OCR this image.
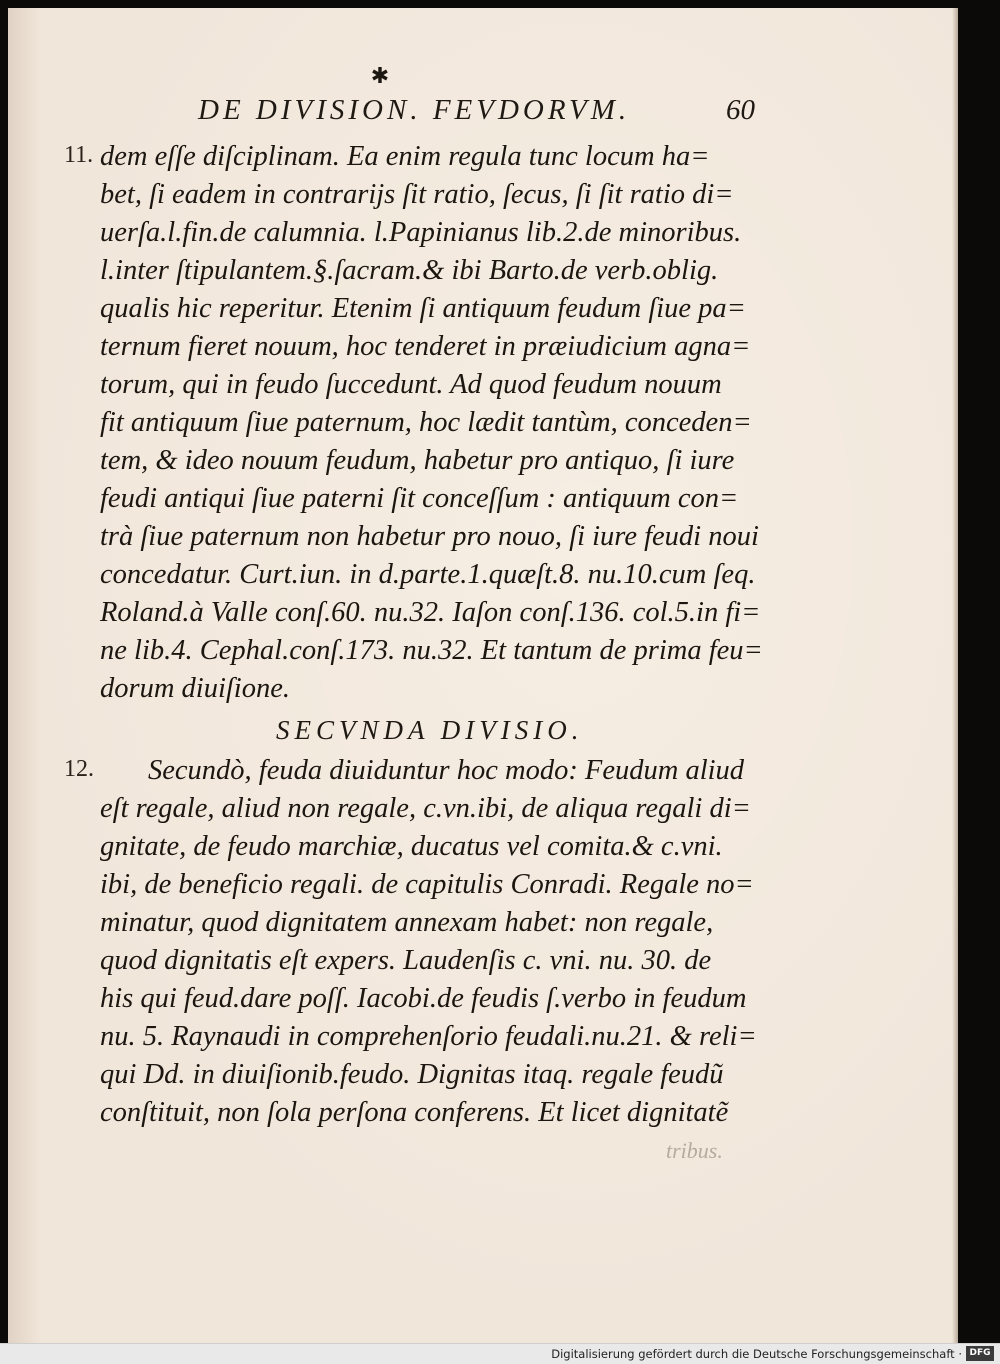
✱
DE DIVISION. FEVDORVM.	60
11.
12.
dem eſſe diſciplinam. Ea enim regula tunc locum ha=
bet, ſi eadem in contrarijs ſit ratio, ſecus, ſi ſit ratio di=
uerſa.l.fin.de calumnia. l.Papinianus lib.2.de minoribus.
l.inter ſtipulantem.§.ſacram.& ibi Barto.de verb.oblig.
qualis hic reperitur. Etenim ſi antiquum feudum ſiue pa=
ternum fieret nouum, hoc tenderet in præiudicium agna=
torum, qui in feudo ſuccedunt. Ad quod feudum nouum
fit antiquum ſiue paternum, hoc lædit tantùm, conceden=
tem, & ideo nouum feudum, habetur pro antiquo, ſi iure
feudi antiqui ſiue paterni ſit conceſſum : antiquum con=
trà ſiue paternum non habetur pro nouo, ſi iure feudi noui
concedatur. Curt.iun. in d.parte.1.quæſt.8. nu.10.cum ſeq.
Roland.à Valle conſ.60. nu.32. Iaſon conſ.136. col.5.in fi=
ne lib.4. Cephal.conſ.173. nu.32. Et tantum de prima feu=
dorum diuiſione.
SECVNDA DIVISIO.
Secundò, feuda diuiduntur hoc modo: Feudum aliud
eſt regale, aliud non regale, c.vn.ibi, de aliqua regali di=
gnitate, de feudo marchiæ, ducatus vel comita.& c.vni.
ibi, de beneficio regali. de capitulis Conradi. Regale no=
minatur, quod dignitatem annexam habet: non regale,
quod dignitatis eſt expers. Laudenſis c. vni. nu. 30. de
his qui feud.dare poſſ. Iacobi.de feudis ſ.verbo in feudum
nu. 5. Raynaudi in comprehenſorio feudali.nu.21. & reli=
qui Dd. in diuiſionib.feudo. Dignitas itaq. regale feudũ
conſtituit, non ſola perſona conferens. Et licet dignitatẽ
tribus.
Digitalisierung gefördert durch die Deutsche Forschungsgemeinschaft · DFG
